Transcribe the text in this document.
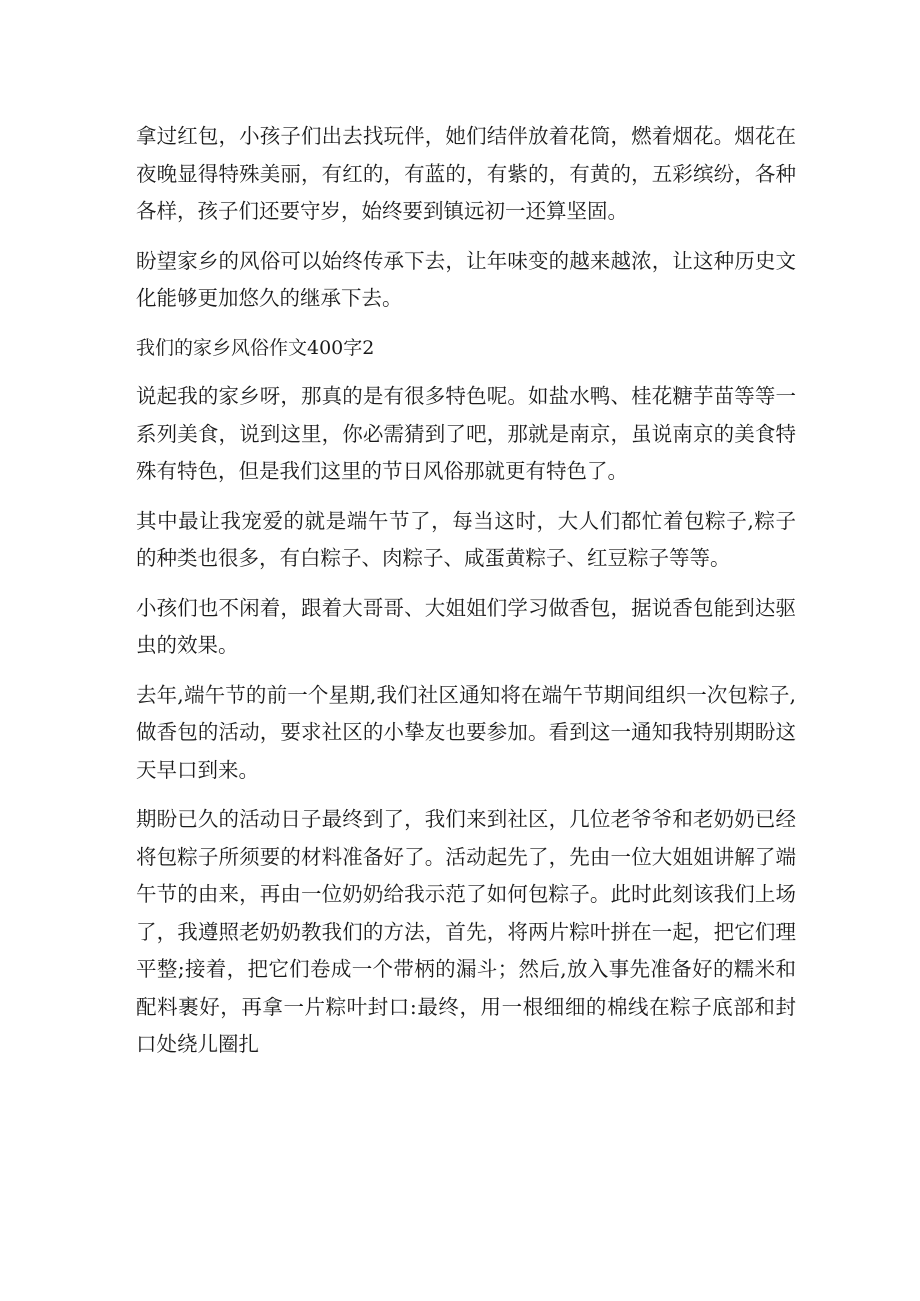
拿过红包，小孩子们出去找玩伴，她们结伴放着花筒，燃着烟花。烟花在夜晚显得特殊美丽，有红的，有蓝的，有紫的，有黄的，五彩缤纷，各种各样，孩子们还要守岁，始终要到镇远初一还算坚固。

盼望家乡的风俗可以始终传承下去，让年味变的越来越浓，让这种历史文化能够更加悠久的继承下去。

我们的家乡风俗作文400字2

说起我的家乡呀，那真的是有很多特色呢。如盐水鸭、桂花糖芋苗等等一系列美食，说到这里，你必需猜到了吧，那就是南京，虽说南京的美食特殊有特色，但是我们这里的节日风俗那就更有特色了。

其中最让我宠爱的就是端午节了，每当这时，大人们都忙着包粽子,粽子的种类也很多，有白粽子、肉粽子、咸蛋黄粽子、红豆粽子等等。

小孩们也不闲着，跟着大哥哥、大姐姐们学习做香包，据说香包能到达驱虫的效果。

去年,端午节的前一个星期,我们社区通知将在端午节期间组织一次包粽子,做香包的活动，要求社区的小挚友也要参加。看到这一通知我特别期盼这天早口到来。

期盼已久的活动日子最终到了，我们来到社区，几位老爷爷和老奶奶已经将包粽子所须要的材料准备好了。活动起先了，先由一位大姐姐讲解了端午节的由来，再由一位奶奶给我示范了如何包粽子。此时此刻该我们上场了，我遵照老奶奶教我们的方法，首先，将两片粽叶拼在一起，把它们理平整;接着，把它们卷成一个带柄的漏斗；然后,放入事先准备好的糯米和配料裹好，再拿一片粽叶封口:最终，用一根细细的棉线在粽子底部和封口处绕儿圈扎
